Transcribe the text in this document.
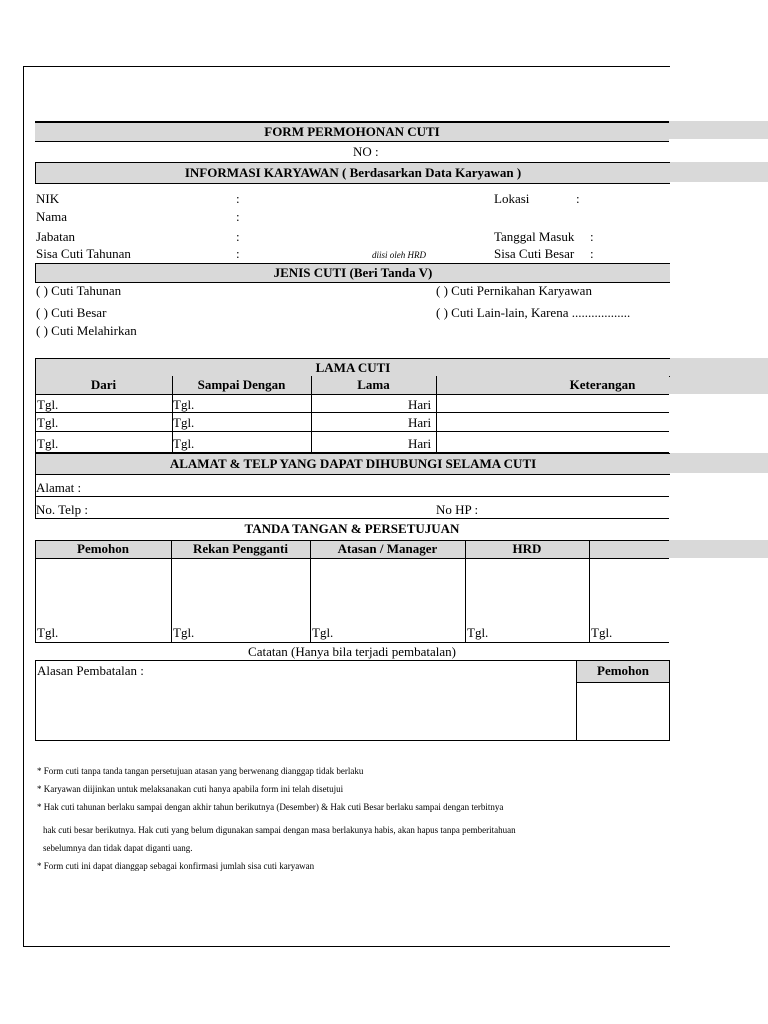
FORM PERMOHONAN CUTI
NO :
INFORMASI KARYAWAN ( Berdasarkan Data Karyawan )
NIK	:
Nama	:
Jabatan	:
Sisa Cuti Tahunan	:	diisi oleh HRD
Lokasi	:
Tanggal Masuk :
Sisa Cuti Besar :
JENIS CUTI (Beri Tanda V)
( ) Cuti Tahunan
( ) Cuti Besar
( ) Cuti Melahirkan
( ) Cuti Pernikahan Karyawan
( ) Cuti Lain-lain, Karena ..................
LAMA CUTI
Dari	Sampai Dengan	Lama	Keterangan
Tgl.	Tgl.	Hari
Tgl.	Tgl.	Hari
Tgl.	Tgl.	Hari
ALAMAT & TELP YANG DAPAT DIHUBUNGI SELAMA CUTI
Alamat :
No. Telp :	No HP :
TANDA TANGAN & PERSETUJUAN
Pemohon	Rekan Pengganti	Atasan / Manager	HRD
Tgl.	Tgl.	Tgl.	Tgl.	Tgl.
Catatan (Hanya bila terjadi pembatalan)
Alasan Pembatalan :	Pemohon
* Form cuti tanpa tanda tangan persetujuan atasan yang berwenang dianggap tidak berlaku
* Karyawan diijinkan untuk melaksanakan cuti hanya apabila form ini telah disetujui
* Hak cuti tahunan berlaku sampai dengan akhir tahun berikutnya (Desember) & Hak cuti Besar berlaku sampai dengan terbitnya
hak cuti besar berikutnya. Hak cuti yang belum digunakan sampai dengan masa berlakunya habis, akan hapus tanpa pemberitahuan
sebelumnya dan tidak dapat diganti uang.
* Form cuti ini dapat dianggap sebagai konfirmasi jumlah sisa cuti karyawan
